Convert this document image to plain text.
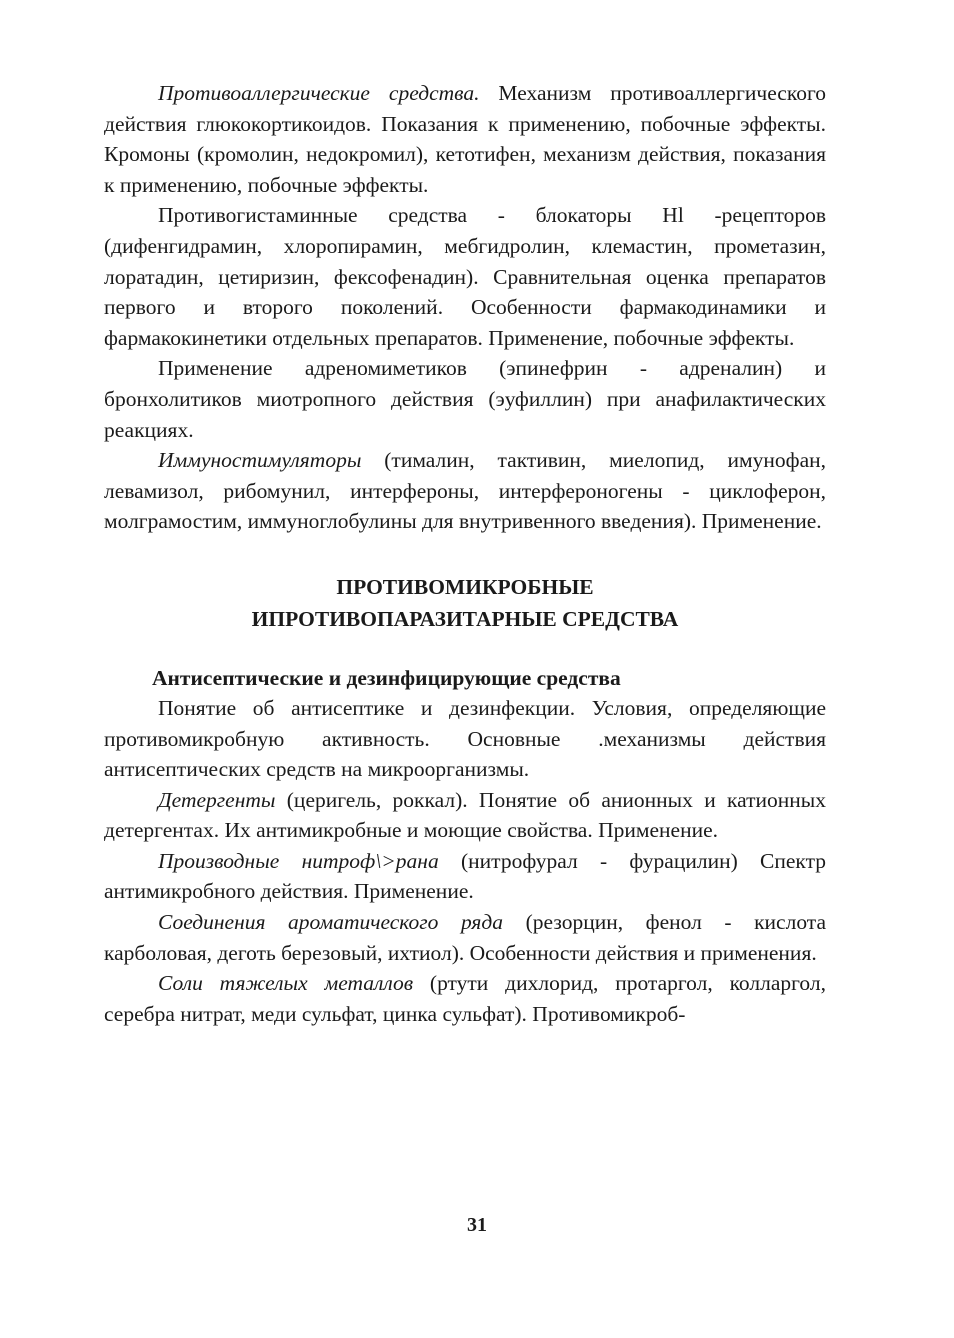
Противоаллергические средства. Механизм противоаллергического действия глюкокортикоидов. Показания к применению, побочные эффекты. Кромоны (кромолин, недокромил), кетотифен, механизм действия, показания к применению, побочные эффекты.

Противогистаминные средства - блокаторы Hl -рецепторов (дифенгидрамин, хлоропирамин, мебгидролин, клемастин, прометазин, лоратадин, цетиризин, фексофенадин). Сравнительная оценка препаратов первого и второго поколений. Особенности фармакодинамики и фармакокинетики отдельных препаратов. Применение, побочные эффекты.

Применение адреномиметиков (эпинефрин - адреналин) и бронхолитиков миотропного действия (эуфиллин) при анафилактических реакциях.

Иммуностимуляторы (тималин, тактивин, миелопид, имунофан, левамизол, рибомунил, интерфероны, интерфероногены - циклоферон, молграмостим, иммуноглобулины для внутривенного введения). Применение.

ПРОТИВОМИКРОБНЫЕ
ИПРОТИВОПАРАЗИТАРНЫЕ СРЕДСТВА
Антисептические и дезинфицирующие средства

Понятие об антисептике и дезинфекции. Условия, определяющие противомикробную активность. Основные .механизмы действия антисептических средств на микроорганизмы.

Детергенты (церигель, роккал). Понятие об анионных и катионных детергентах. Их антимикробные и моющие свойства. Применение.

Производные нитроф\>рана (нитрофурал - фурацилин) Спектр антимикробного действия. Применение.

Соединения ароматического ряда (резорцин, фенол - кислота карболовая, деготь березовый, ихтиол). Особенности действия и применения.

Соли тяжелых металлов (ртути дихлорид, протаргол, колларгол, серебра нитрат, меди сульфат, цинка сульфат). Противомикроб-

31
